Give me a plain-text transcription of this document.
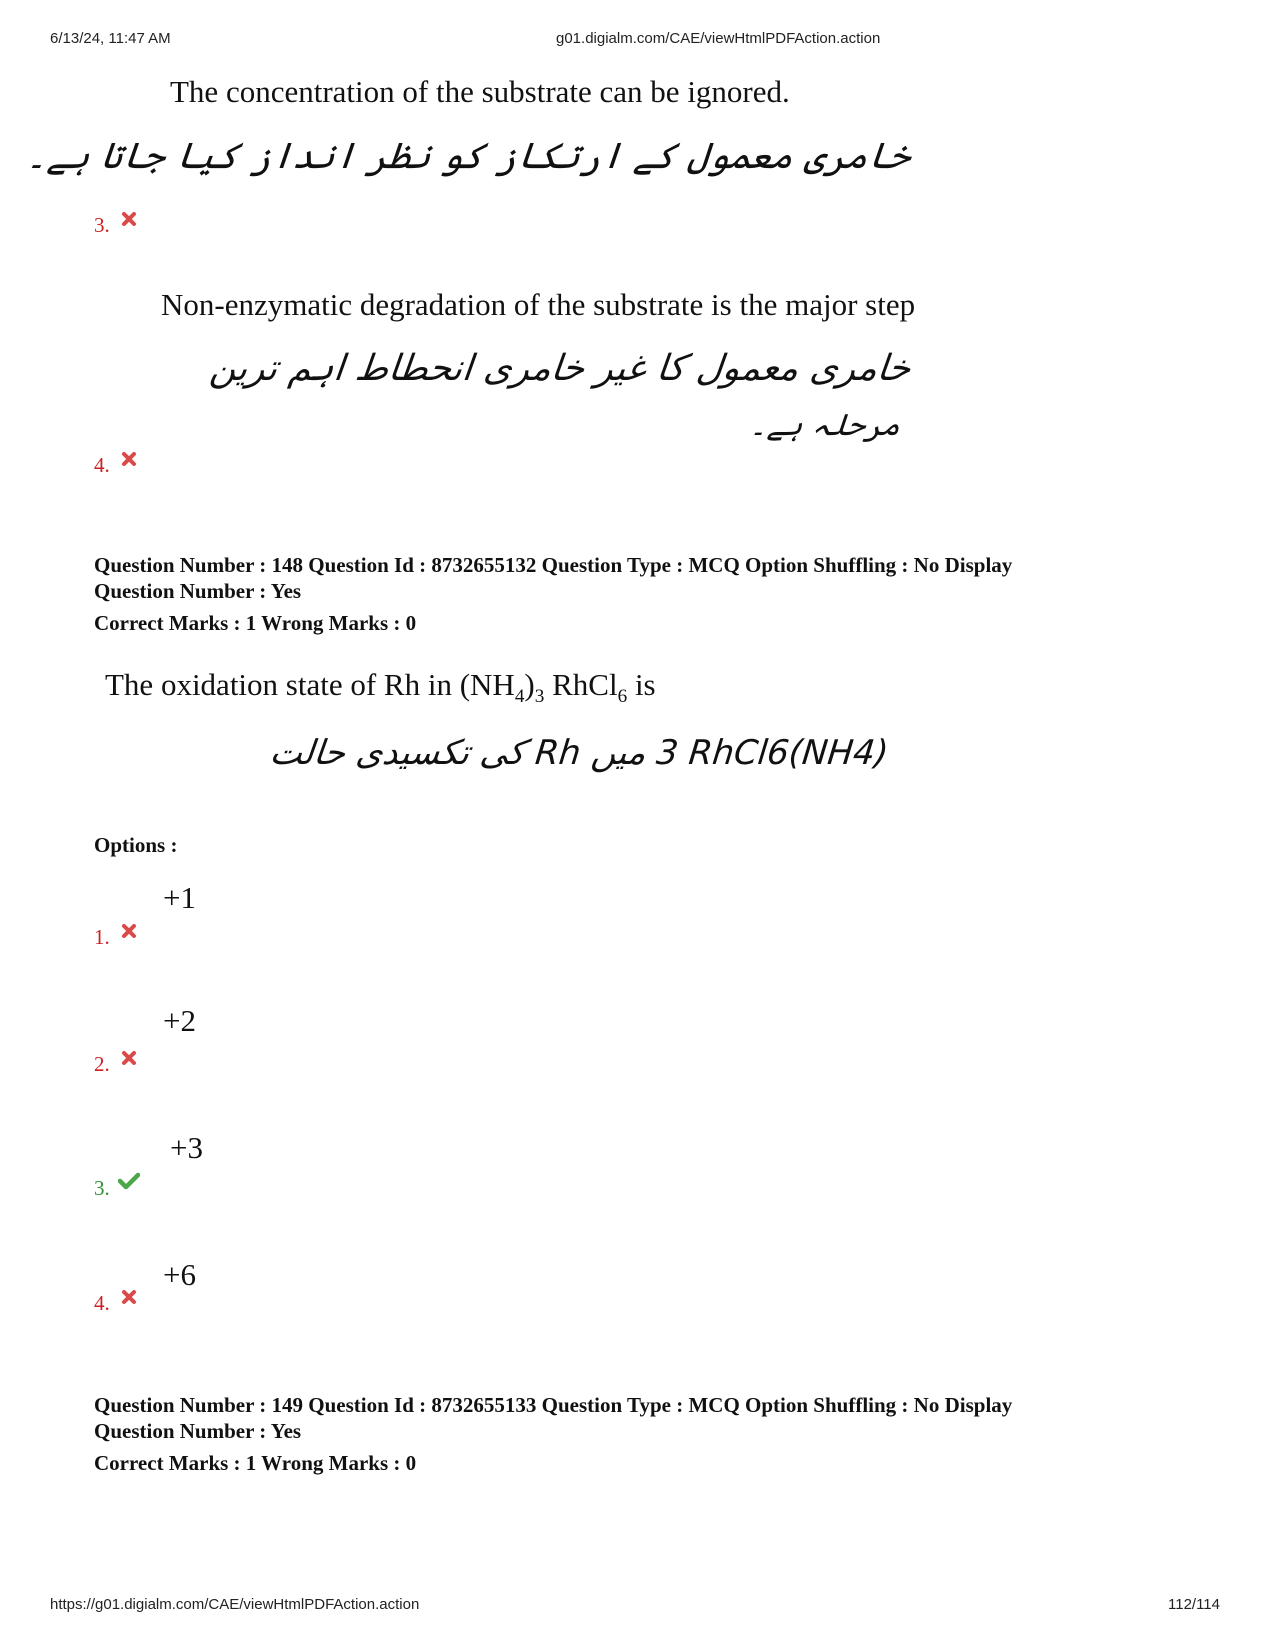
6/13/24, 11:47 AM	g01.digialm.com/CAE/viewHtmlPDFAction.action
The concentration of the substrate can be ignored.
خامری معمول کے ارتکاز کو نظر انداز کیا جاتا ہے۔
3.
Non-enzymatic degradation of the substrate is the major step
خامری معمول کا غیر خامری انحطاط اہم ترین
مرحلہ ہے۔
4.
Question Number : 148 Question Id : 8732655132 Question Type : MCQ Option Shuffling : No Display
Question Number : Yes
Correct Marks : 1 Wrong Marks : 0
The oxidation state of Rh in $(NH_4)_3$ RhCl$_6$ is
(NH4)3 RhCl6 میں Rh کی تکسیدی حالت
Options :
+1
1.
+2
2.
+3
3.
+6
4.
Question Number : 149 Question Id : 8732655133 Question Type : MCQ Option Shuffling : No Display
Question Number : Yes
Correct Marks : 1 Wrong Marks : 0
https://g01.digialm.com/CAE/viewHtmlPDFAction.action	112/114
